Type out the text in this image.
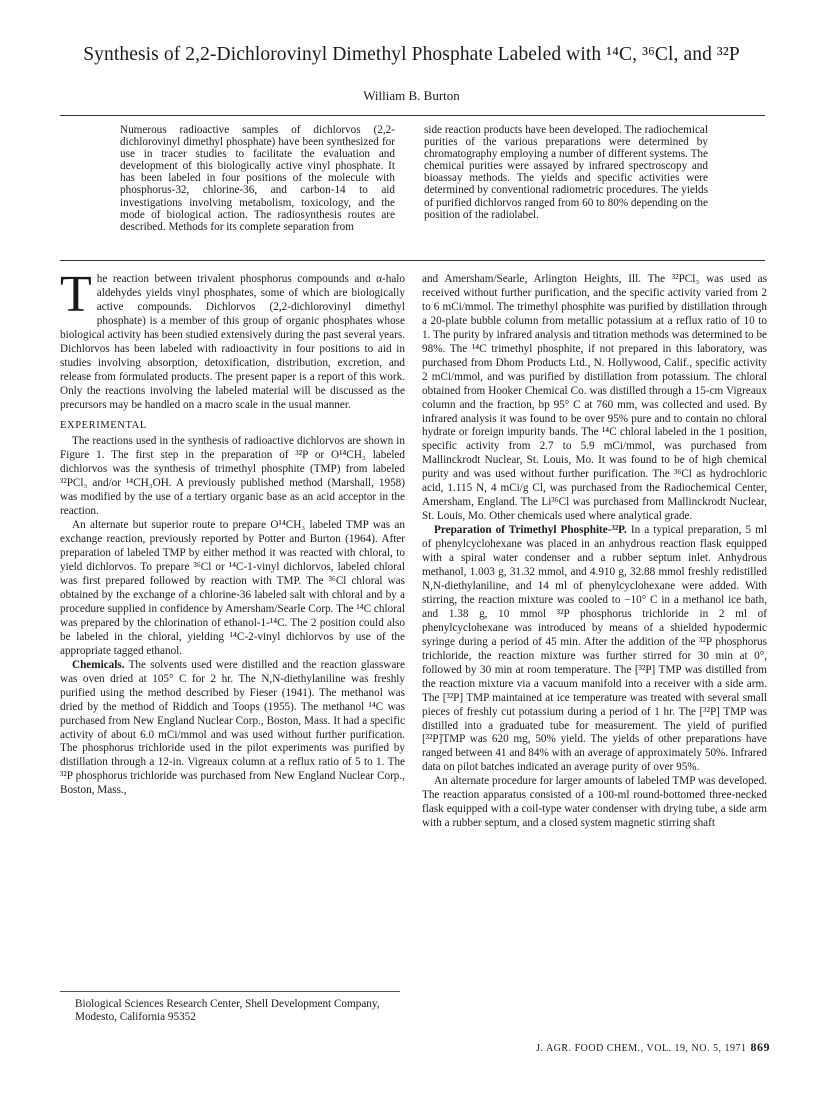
Synthesis of 2,2-Dichlorovinyl Dimethyl Phosphate Labeled with ¹⁴C, ³⁶Cl, and ³²P
William B. Burton

Numerous radioactive samples of dichlorvos (2,2-dichlorovinyl dimethyl phosphate) have been synthesized for use in tracer studies to facilitate the evaluation and development of this biologically active vinyl phosphate. It has been labeled in four positions of the molecule with phosphorus-32, chlorine-36, and carbon-14 to aid investigations involving metabolism, toxicology, and the mode of biological action. The radiosynthesis routes are described. Methods for its complete separation from

side reaction products have been developed. The radiochemical purities of the various preparations were determined by chromatography employing a number of different systems. The chemical purities were assayed by infrared spectroscopy and bioassay methods. The yields and specific activities were determined by conventional radiometric procedures. The yields of purified dichlorvos ranged from 60 to 80% depending on the position of the radiolabel.

The reaction between trivalent phosphorus compounds and α-halo aldehydes yields vinyl phosphates, some of which are biologically active compounds. Dichlorvos (2,2-dichlorovinyl dimethyl phosphate) is a member of this group of organic phosphates whose biological activity has been studied extensively during the past several years. Dichlorvos has been labeled with radioactivity in four positions to aid in studies involving absorption, detoxification, distribution, excretion, and release from formulated products. The present paper is a report of this work. Only the reactions involving the labeled material will be discussed as the precursors may be handled on a macro scale in the usual manner.

EXPERIMENTAL

The reactions used in the synthesis of radioactive dichlorvos are shown in Figure 1. The first step in the preparation of ³²P or O¹⁴CH₃ labeled dichlorvos was the synthesis of trimethyl phosphite (TMP) from labeled ³²PCl₃ and/or ¹⁴CH₃OH. A previously published method (Marshall, 1958) was modified by the use of a tertiary organic base as an acid acceptor in the reaction.

An alternate but superior route to prepare O¹⁴CH₃ labeled TMP was an exchange reaction, previously reported by Potter and Burton (1964). After preparation of labeled TMP by either method it was reacted with chloral, to yield dichlorvos. To prepare ³⁶Cl or ¹⁴C-1-vinyl dichlorvos, labeled chloral was first prepared followed by reaction with TMP. The ³⁶Cl chloral was obtained by the exchange of a chlorine-36 labeled salt with chloral and by a procedure supplied in confidence by Amersham/Searle Corp. The ¹⁴C chloral was prepared by the chlorination of ethanol-1-¹⁴C. The 2 position could also be labeled in the chloral, yielding ¹⁴C-2-vinyl dichlorvos by use of the appropriate tagged ethanol.

Chemicals. The solvents used were distilled and the reaction glassware was oven dried at 105° C for 2 hr. The N,N-diethylaniline was freshly purified using the method described by Fieser (1941). The methanol was dried by the method of Riddich and Toops (1955). The methanol ¹⁴C was purchased from New England Nuclear Corp., Boston, Mass. It had a specific activity of about 6.0 mCi/mmol and was used without further purification. The phosphorus trichloride used in the pilot experiments was purified by distillation through a 12-in. Vigreaux column at a reflux ratio of 5 to 1. The ³²P phosphorus trichloride was purchased from New England Nuclear Corp., Boston, Mass.,

Biological Sciences Research Center, Shell Development Company, Modesto, California 95352

and Amersham/Searle, Arlington Heights, Ill. The ³²PCl₃ was used as received without further purification, and the specific activity varied from 2 to 6 mCi/mmol. The trimethyl phosphite was purified by distillation through a 20-plate bubble column from metallic potassium at a reflux ratio of 10 to 1. The purity by infrared analysis and titration methods was determined to be 98%. The ¹⁴C trimethyl phosphite, if not prepared in this laboratory, was purchased from Dhom Products Ltd., N. Hollywood, Calif., specific activity 2 mCi/mmol, and was purified by distillation from potassium. The chloral obtained from Hooker Chemical Co. was distilled through a 15-cm Vigreaux column and the fraction, bp 95° C at 760 mm, was collected and used. By infrared analysis it was found to be over 95% pure and to contain no chloral hydrate or foreign impurity bands. The ¹⁴C chloral labeled in the 1 position, specific activity from 2.7 to 5.9 mCi/mmol, was purchased from Mallinckrodt Nuclear, St. Louis, Mo. It was found to be of high chemical purity and was used without further purification. The ³⁶Cl as hydrochloric acid, 1.115 N, 4 mCi/g Cl, was purchased from the Radiochemical Center, Amersham, England. The Li³⁶Cl was purchased from Mallinckrodt Nuclear, St. Louis, Mo. Other chemicals used where analytical grade.

Preparation of Trimethyl Phosphite-³²P. In a typical preparation, 5 ml of phenylcyclohexane was placed in an anhydrous reaction flask equipped with a spiral water condenser and a rubber septum inlet. Anhydrous methanol, 1.003 g, 31.32 mmol, and 4.910 g, 32.88 mmol freshly redistilled N,N-diethylaniline, and 14 ml of phenylcyclohexane were added. With stirring, the reaction mixture was cooled to −10° C in a methanol ice bath, and 1.38 g, 10 mmol ³²P phosphorus trichloride in 2 ml of phenylcyclohexane was introduced by means of a shielded hypodermic syringe during a period of 45 min. After the addition of the ³²P phosphorus trichloride, the reaction mixture was further stirred for 30 min at 0°, followed by 30 min at room temperature. The [³²P] TMP was distilled from the reaction mixture via a vacuum manifold into a receiver with a side arm. The [³²P] TMP maintained at ice temperature was treated with several small pieces of freshly cut potassium during a period of 1 hr. The [³²P] TMP was distilled into a graduated tube for measurement. The yield of purified [³²P]TMP was 620 mg, 50% yield. The yields of other preparations have ranged between 41 and 84% with an average of approximately 50%. Infrared data on pilot batches indicated an average purity of over 95%.

An alternate procedure for larger amounts of labeled TMP was developed. The reaction apparatus consisted of a 100-ml round-bottomed three-necked flask equipped with a coil-type water condenser with drying tube, a side arm with a rubber septum, and a closed system magnetic stirring shaft

J. AGR. FOOD CHEM., VOL. 19, NO. 5, 1971 869
